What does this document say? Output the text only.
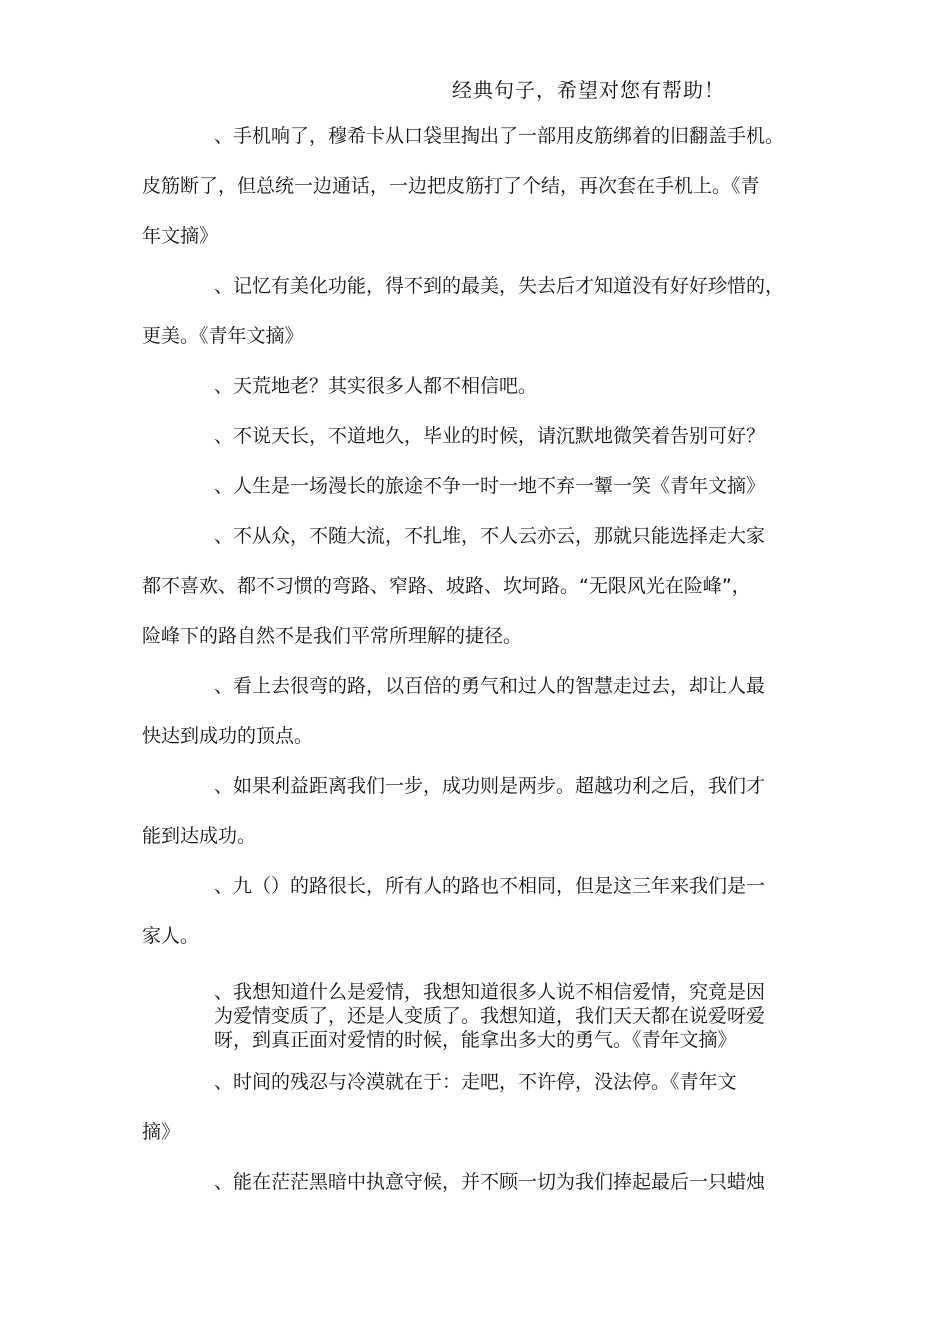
经典句子，希望对您有帮助！
、手机响了，穆希卡从口袋里掏出了一部用皮筋绑着的旧翻盖手机。
皮筋断了，但总统一边通话，一边把皮筋打了个结，再次套在手机上。《青
年文摘》
、记忆有美化功能，得不到的最美，失去后才知道没有好好珍惜的，
更美。《青年文摘》
、天荒地老？其实很多人都不相信吧。
、不说天长，不道地久，毕业的时候，请沉默地微笑着告别可好？
、人生是一场漫长的旅途不争一时一地不弃一颦一笑《青年文摘》
、不从众，不随大流，不扎堆，不人云亦云，那就只能选择走大家
都不喜欢、都不习惯的弯路、窄路、坡路、坎坷路。“无限风光在险峰”，
险峰下的路自然不是我们平常所理解的捷径。
、看上去很弯的路，以百倍的勇气和过人的智慧走过去，却让人最
快达到成功的顶点。
、如果利益距离我们一步，成功则是两步。超越功利之后，我们才
能到达成功。
、九（）的路很长，所有人的路也不相同，但是这三年来我们是一
家人。
、我想知道什么是爱情，我想知道很多人说不相信爱情，究竟是因
为爱情变质了，还是人变质了。我想知道，我们天天都在说爱呀爱
呀，到真正面对爱情的时候，能拿出多大的勇气。《青年文摘》
、时间的残忍与冷漠就在于：走吧，不许停，没法停。《青年文
摘》
、能在茫茫黑暗中执意守候，并不顾一切为我们捧起最后一只蜡烛
